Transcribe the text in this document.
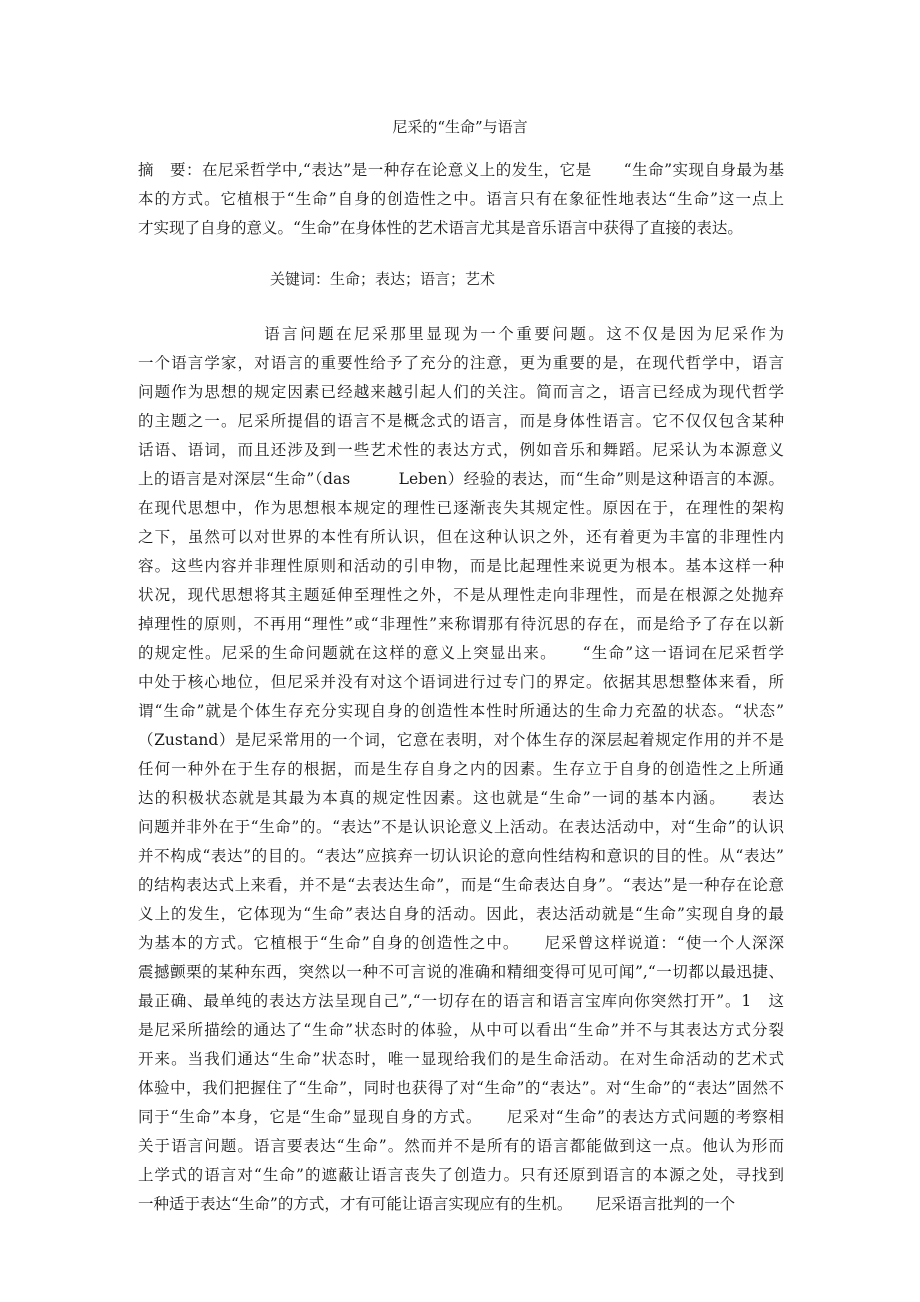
尼采的“生命”与语言
摘　要：在尼采哲学中,“表达”是一种存在论意义上的发生，它是　　“生命”实现自身最为基
本的方式。它植根于“生命”自身的创造性之中。语言只有在象征性地表达“生命”这一点上
才实现了自身的意义。“生命”在身体性的艺术语言尤其是音乐语言中获得了直接的表达。
关键词：生命；表达；语言；艺术
　　　　　　　语言问题在尼采那里显现为一个重要问题。这不仅是因为尼采作为
一个语言学家，对语言的重要性给予了充分的注意，更为重要的是，在现代哲学中，语言
问题作为思想的规定因素已经越来越引起人们的关注。简而言之，语言已经成为现代哲学
的主题之一。尼采所提倡的语言不是概念式的语言，而是身体性语言。它不仅仅包含某种
话语、语词，而且还涉及到一些艺术性的表达方式，例如音乐和舞蹈。尼采认为本源意义
上的语言是对深层“生命”（das　　　Leben）经验的表达，而“生命”则是这种语言的本源。
在现代思想中，作为思想根本规定的理性已逐渐丧失其规定性。原因在于，在理性的架构
之下，虽然可以对世界的本性有所认识，但在这种认识之外，还有着更为丰富的非理性内
容。这些内容并非理性原则和活动的引申物，而是比起理性来说更为根本。基本这样一种
状况，现代思想将其主题延伸至理性之外，不是从理性走向非理性，而是在根源之处抛弃
掉理性的原则，不再用“理性”或“非理性”来称谓那有待沉思的存在，而是给予了存在以新
的规定性。尼采的生命问题就在这样的意义上突显出来。　　“生命”这一语词在尼采哲学
中处于核心地位，但尼采并没有对这个语词进行过专门的界定。依据其思想整体来看，所
谓“生命”就是个体生存充分实现自身的创造性本性时所通达的生命力充盈的状态。“状态”
（Zustand）是尼采常用的一个词，它意在表明，对个体生存的深层起着规定作用的并不是
任何一种外在于生存的根据，而是生存自身之内的因素。生存立于自身的创造性之上所通
达的积极状态就是其最为本真的规定性因素。这也就是“生命”一词的基本内涵。　　表达
问题并非外在于“生命”的。“表达”不是认识论意义上活动。在表达活动中，对“生命”的认识
并不构成“表达”的目的。“表达”应摈弃一切认识论的意向性结构和意识的目的性。从“表达”
的结构表达式上来看，并不是“去表达生命”，而是“生命表达自身”。“表达”是一种存在论意
义上的发生，它体现为“生命”表达自身的活动。因此，表达活动就是“生命”实现自身的最
为基本的方式。它植根于“生命”自身的创造性之中。　　尼采曾这样说道：“使一个人深深
震撼颤栗的某种东西，突然以一种不可言说的准确和精细变得可见可闻”,“一切都以最迅捷、
最正确、最单纯的表达方法呈现自己”,“一切存在的语言和语言宝库向你突然打开”。1　这
是尼采所描绘的通达了“生命”状态时的体验，从中可以看出“生命”并不与其表达方式分裂
开来。当我们通达“生命”状态时，唯一显现给我们的是生命活动。在对生命活动的艺术式
体验中，我们把握住了“生命”，同时也获得了对“生命”的“表达”。对“生命”的“表达”固然不
同于“生命”本身，它是“生命”显现自身的方式。　　尼采对“生命”的表达方式问题的考察相
关于语言问题。语言要表达“生命”。然而并不是所有的语言都能做到这一点。他认为形而
上学式的语言对“生命”的遮蔽让语言丧失了创造力。只有还原到语言的本源之处，寻找到
一种适于表达“生命”的方式，才有可能让语言实现应有的生机。　　尼采语言批判的一个
